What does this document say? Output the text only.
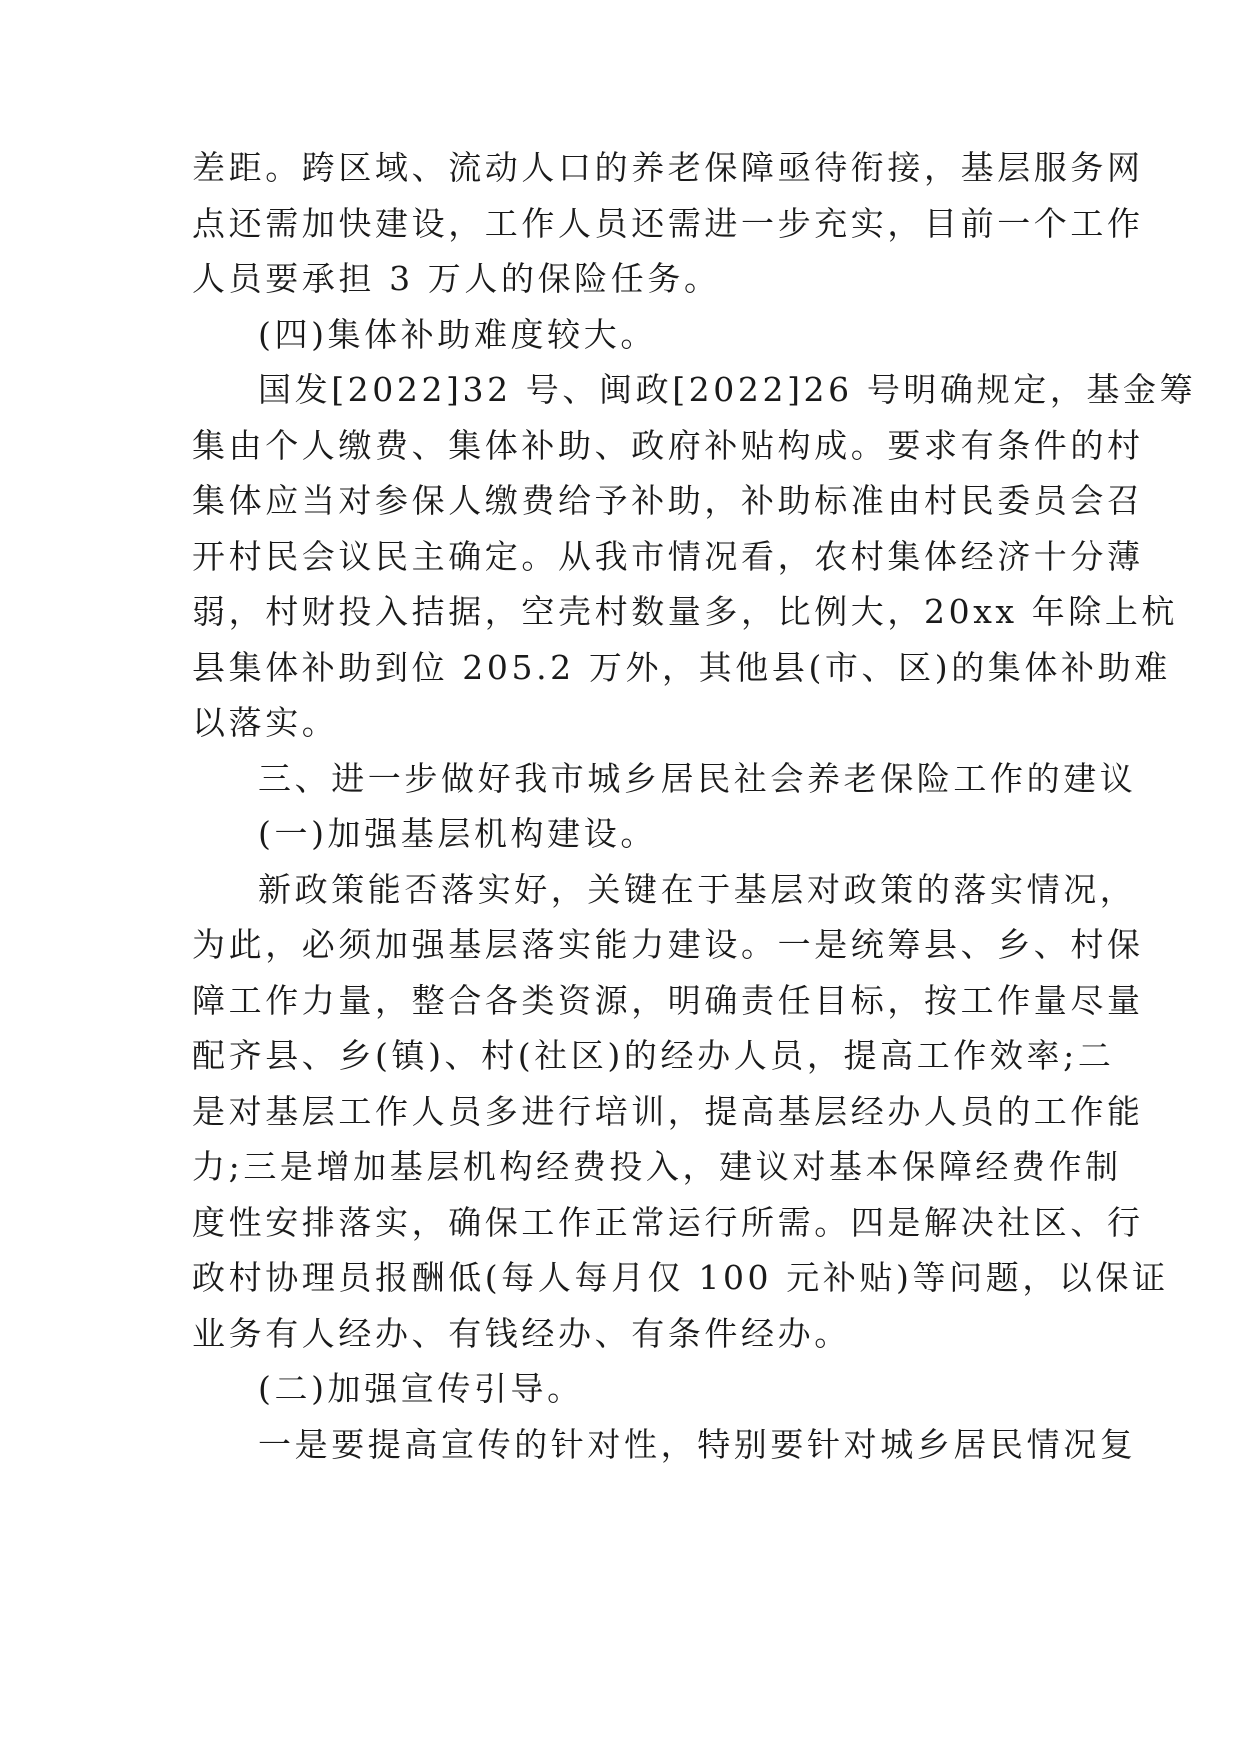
差距。跨区域、流动人口的养老保障亟待衔接，基层服务网
点还需加快建设，工作人员还需进一步充实，目前一个工作
人员要承担 3 万人的保险任务。
(四)集体补助难度较大。
国发[2022]32 号、闽政[2022]26 号明确规定，基金筹
集由个人缴费、集体补助、政府补贴构成。要求有条件的村
集体应当对参保人缴费给予补助，补助标准由村民委员会召
开村民会议民主确定。从我市情况看，农村集体经济十分薄
弱，村财投入拮据，空壳村数量多，比例大，20xx 年除上杭
县集体补助到位 205.2 万外，其他县(市、区)的集体补助难
以落实。
三、进一步做好我市城乡居民社会养老保险工作的建议
(一)加强基层机构建设。
新政策能否落实好，关键在于基层对政策的落实情况，
为此，必须加强基层落实能力建设。一是统筹县、乡、村保
障工作力量，整合各类资源，明确责任目标，按工作量尽量
配齐县、乡(镇)、村(社区)的经办人员，提高工作效率;二
是对基层工作人员多进行培训，提高基层经办人员的工作能
力;三是增加基层机构经费投入，建议对基本保障经费作制
度性安排落实，确保工作正常运行所需。四是解决社区、行
政村协理员报酬低(每人每月仅 100 元补贴)等问题，以保证
业务有人经办、有钱经办、有条件经办。
(二)加强宣传引导。
一是要提高宣传的针对性，特别要针对城乡居民情况复
